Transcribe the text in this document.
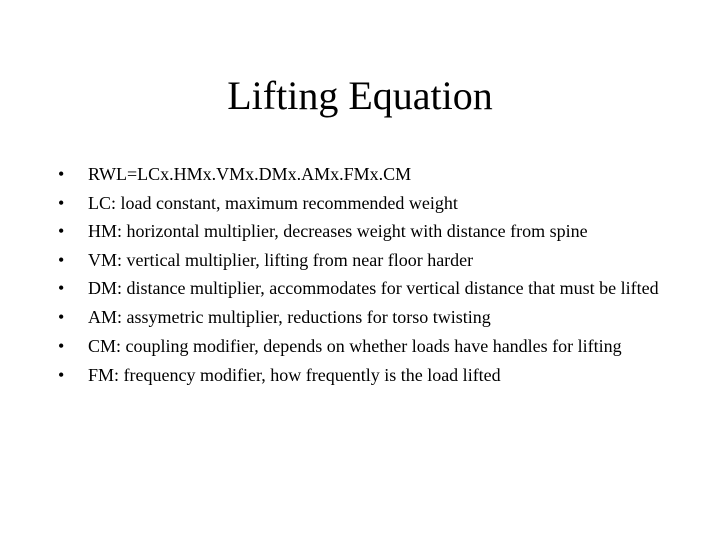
Lifting Equation
•	RWL=LCx.HMx.VMx.DMx.AMx.FMx.CM
•	LC: load constant, maximum recommended weight
•	HM: horizontal multiplier, decreases weight with distance from spine
•	VM: vertical multiplier, lifting from near floor harder
•	DM: distance multiplier, accommodates for vertical distance that must be lifted
•	AM: assymetric multiplier, reductions for torso twisting
•	CM: coupling modifier, depends on whether loads have handles for lifting
•	FM: frequency modifier, how frequently is the load lifted
